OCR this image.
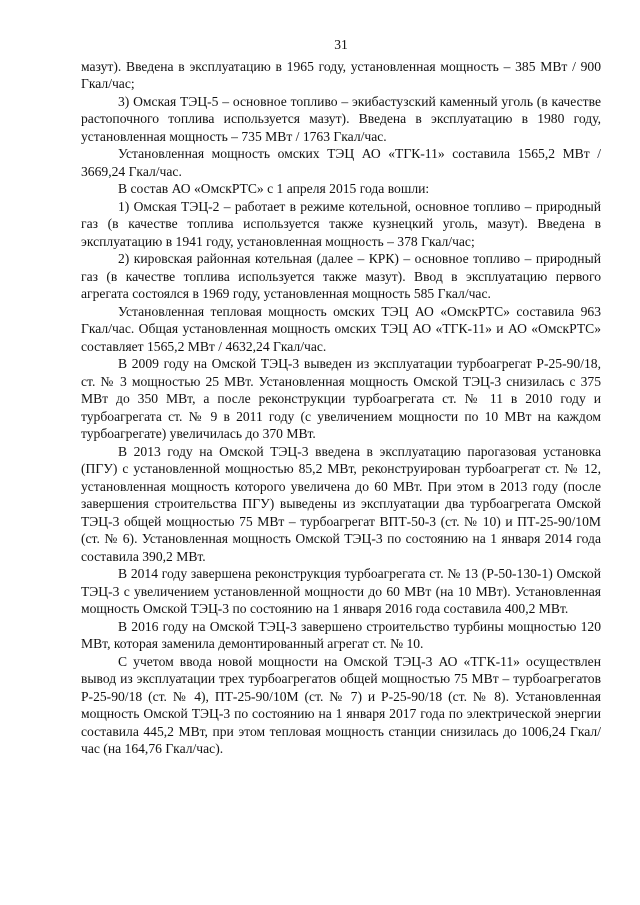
31

мазут). Введена в эксплуатацию в 1965 году, установленная мощность – 385 МВт / 900 Гкал/час;

3) Омская ТЭЦ-5 – основное топливо – экибастузский каменный уголь (в качестве растопочного топлива используется мазут). Введена в эксплуатацию в 1980 году, установленная мощность – 735 МВт / 1763 Гкал/час.

Установленная мощность омских ТЭЦ АО «ТГК-11» составила 1565,2 МВт / 3669,24 Гкал/час.

В состав АО «ОмскРТС» с 1 апреля 2015 года вошли:

1) Омская ТЭЦ-2 – работает в режиме котельной, основное топливо – природный газ (в качестве топлива используется также кузнецкий уголь, мазут). Введена в эксплуатацию в 1941 году, установленная мощность – 378 Гкал/час;

2) кировская районная котельная (далее – КРК) – основное топливо – природный газ (в качестве топлива используется также мазут). Ввод в эксплуатацию первого агрегата состоялся в 1969 году, установленная мощность 585 Гкал/час.

Установленная тепловая мощность омских ТЭЦ АО «ОмскРТС» составила 963 Гкал/час. Общая установленная мощность омских ТЭЦ АО «ТГК-11» и АО «ОмскРТС» составляет 1565,2 МВт / 4632,24 Гкал/час.

В 2009 году на Омской ТЭЦ-3 выведен из эксплуатации турбоагрегат Р-25-90/18, ст. № 3 мощностью 25 МВт. Установленная мощность Омской ТЭЦ-3 снизилась с 375 МВт до 350 МВт, а после реконструкции турбоагрегата ст. № 11 в 2010 году и турбоагрегата ст. № 9 в 2011 году (с увеличением мощности по 10 МВт на каждом турбоагрегате) увеличилась до 370 МВт.

В 2013 году на Омской ТЭЦ-3 введена в эксплуатацию парогазовая установка (ПГУ) с установленной мощностью 85,2 МВт, реконструирован турбоагрегат ст. № 12, установленная мощность которого увеличена до 60 МВт. При этом в 2013 году (после завершения строительства ПГУ) выведены из эксплуатации два турбоагрегата Омской ТЭЦ-3 общей мощностью 75 МВт – турбоагрегат ВПТ-50-3 (ст. № 10) и ПТ-25-90/10М (ст. № 6). Установленная мощность Омской ТЭЦ-3 по состоянию на 1 января 2014 года составила 390,2 МВт.

В 2014 году завершена реконструкция турбоагрегата ст. № 13 (Р-50-130-1) Омской ТЭЦ-3 с увеличением установленной мощности до 60 МВт (на 10 МВт). Установленная мощность Омской ТЭЦ-3 по состоянию на 1 января 2016 года составила 400,2 МВт.

В 2016 году на Омской ТЭЦ-3 завершено строительство турбины мощностью 120 МВт, которая заменила демонтированный агрегат ст. № 10.

С учетом ввода новой мощности на Омской ТЭЦ-3 АО «ТГК-11» осуществлен вывод из эксплуатации трех турбоагрегатов общей мощностью 75 МВт – турбоагрегатов Р-25-90/18 (ст. № 4), ПТ-25-90/10М (ст. № 7) и Р-25-90/18 (ст. № 8). Установленная мощность Омской ТЭЦ-3 по состоянию на 1 января 2017 года по электрической энергии составила 445,2 МВт, при этом тепловая мощность станции снизилась до 1006,24 Гкал/час (на 164,76 Гкал/час).
